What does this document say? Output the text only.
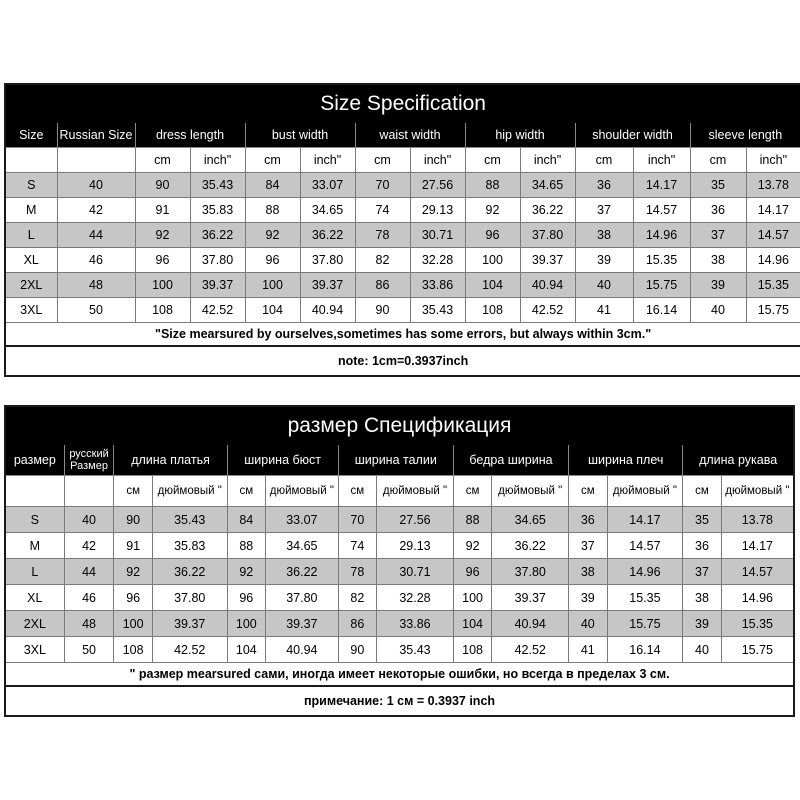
Size Specification													
Size	Russian Size	dress length		bust width		waist width		hip width		shoulder width		sleeve length	
		cm	inch"	cm	inch"	cm	inch"	cm	inch"	cm	inch"	cm	inch"
S	40	90	35.43	84	33.07	70	27.56	88	34.65	36	14.17	35	13.78
M	42	91	35.83	88	34.65	74	29.13	92	36.22	37	14.57	36	14.17
L	44	92	36.22	92	36.22	78	30.71	96	37.80	38	14.96	37	14.57
XL	46	96	37.80	96	37.80	82	32.28	100	39.37	39	15.35	38	14.96
2XL	48	100	39.37	100	39.37	86	33.86	104	40.94	40	15.75	39	15.35
3XL	50	108	42.52	104	40.94	90	35.43	108	42.52	41	16.14	40	15.75
"Size mearsured by ourselves,sometimes has some errors, but always within 3cm."													
note: 1cm=0.3937inch													
размер Спецификация													
размер	русский Размер	длина платья		ширина бюст		ширина талии		бедра ширина		ширина плеч		длина рукава	
		см	дюймовый "	см	дюймовый "	см	дюймовый "	см	дюймовый "	см	дюймовый "	см	дюймовый "
S	40	90	35.43	84	33.07	70	27.56	88	34.65	36	14.17	35	13.78
M	42	91	35.83	88	34.65	74	29.13	92	36.22	37	14.57	36	14.17
L	44	92	36.22	92	36.22	78	30.71	96	37.80	38	14.96	37	14.57
XL	46	96	37.80	96	37.80	82	32.28	100	39.37	39	15.35	38	14.96
2XL	48	100	39.37	100	39.37	86	33.86	104	40.94	40	15.75	39	15.35
3XL	50	108	42.52	104	40.94	90	35.43	108	42.52	41	16.14	40	15.75
" размер mearsured сами, иногда имеет некоторые ошибки, но всегда в пределах 3 см.													
примечание: 1 см = 0.3937 inch													
